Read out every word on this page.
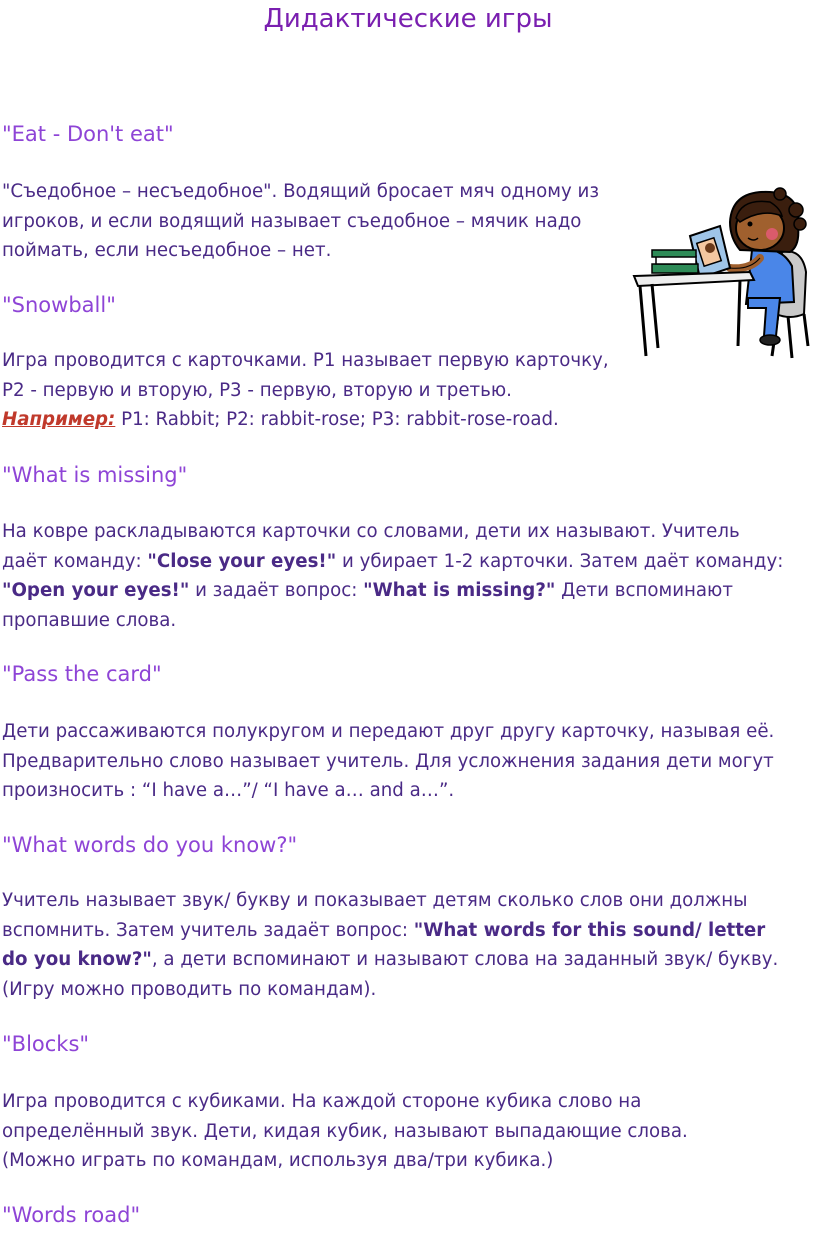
Дидактические игры
"Eat - Don't eat"

"Съедобное – несъедобное". Водящий бросает мяч одному из
игроков, и если водящий называет съедобное – мячик надо
поймать, если несъедобное – нет.

"Snowball"

Игра проводится с карточками. P1 называет первую карточку,
P2 - первую и вторую, P3 - первую, вторую и третью.
Например: P1: Rabbit; P2: rabbit-rose; P3: rabbit-rose-road.

"What is missing"

На ковре раскладываются карточки со словами, дети их называют. Учитель
даёт команду: "Close your eyes!" и убирает 1-2 карточки. Затем даёт команду:
"Open your eyes!" и задаёт вопрос: "What is missing?" Дети вспоминают
пропавшие слова.

"Pass the card"

Дети рассаживаются полукругом и передают друг другу карточку, называя её.
Предварительно слово называет учитель. Для усложнения задания дети могут
произносить : “I have a…”/ “I have a… and a…”.

"What words do you know?"

Учитель называет звук/ букву и показывает детям сколько слов они должны
вспомнить. Затем учитель задаёт вопрос: "What words for this sound/ letter
do you know?", а дети вспоминают и называют слова на заданный звук/ букву.
(Игру можно проводить по командам).

"Blocks"

Игра проводится с кубиками. На каждой стороне кубика слово на
определённый звук. Дети, кидая кубик, называют выпадающие слова.
(Можно играть по командам, используя два/три кубика.)

"Words road"
